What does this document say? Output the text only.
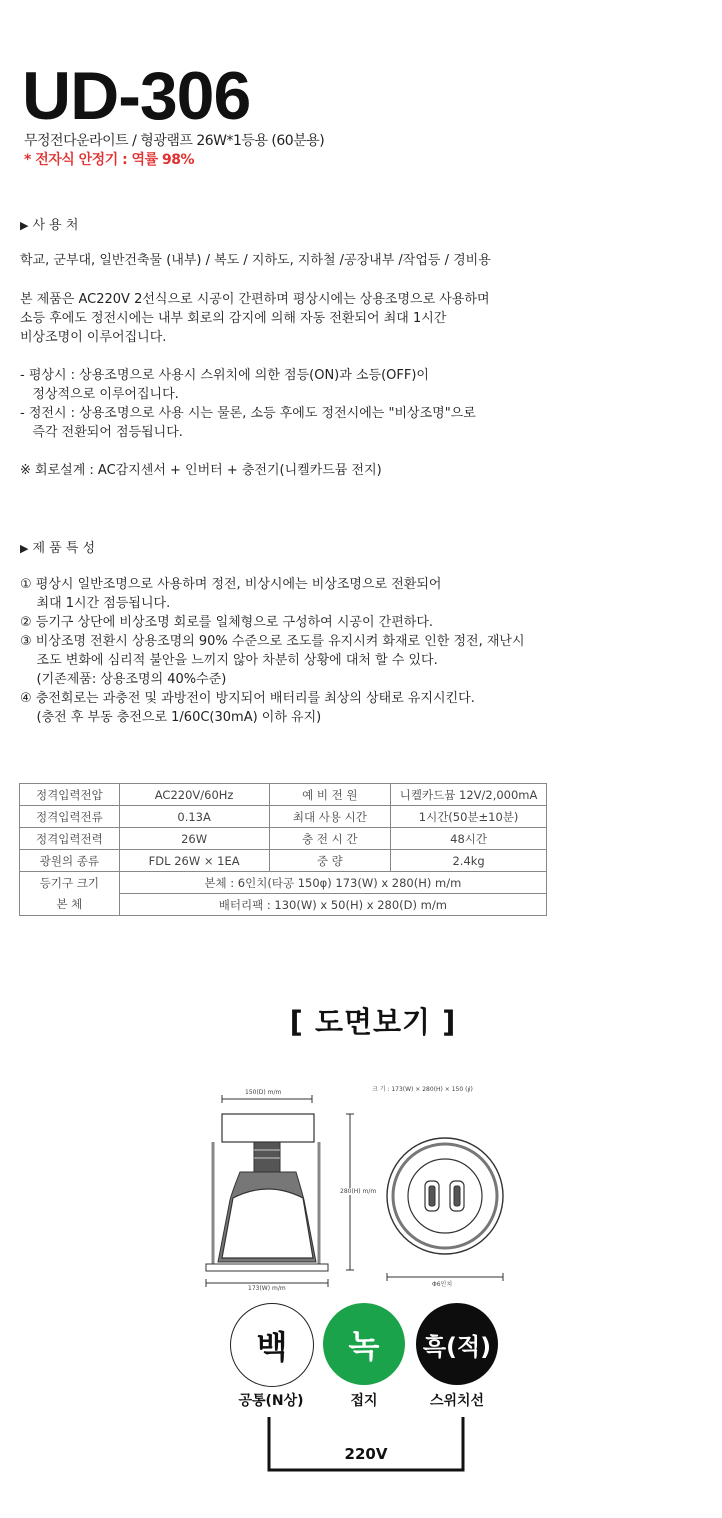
UD-306
무정전다운라이트 / 형광램프 26W*1등용 (60분용)
* 전자식 안정기 : 역률 98%
▶ 사 용 처
학교, 군부대, 일반건축물 (내부) / 복도 / 지하도, 지하철 /공장내부 /작업등 / 경비용
본 제품은 AC220V 2선식으로 시공이 간편하며 평상시에는 상용조명으로 사용하며
소등 후에도 정전시에는 내부 회로의 감지에 의해 자동 전환되어 최대 1시간
비상조명이 이루어집니다.
- 평상시 : 상용조명으로 사용시 스위치에 의한 점등(ON)과 소등(OFF)이
정상적으로 이루어집니다.
- 정전시 : 상용조명으로 사용 시는 물론, 소등 후에도 정전시에는 "비상조명"으로
즉각 전환되어 점등됩니다.
※ 회로설계 : AC감지센서 + 인버터 + 충전기(니켈카드뮴 전지)
▶ 제 품 특 성
① 평상시 일반조명으로 사용하며 정전, 비상시에는 비상조명으로 전환되어
최대 1시간 점등됩니다.
② 등기구 상단에 비상조명 회로를 일체형으로 구성하여 시공이 간편하다.
③ 비상조명 전환시 상용조명의 90% 수준으로 조도를 유지시켜 화재로 인한 정전, 재난시
조도 변화에 심리적 불안을 느끼지 않아 차분히 상황에 대처 할 수 있다.
(기존제품: 상용조명의 40%수준)
④ 충전회로는 과충전 및 과방전이 방지되어 배터리를 최상의 상태로 유지시킨다.
(충전 후 부동 충전으로 1/60C(30mA) 이하 유지)
정격입력전압	AC220V/60Hz	예 비 전 원	니켈카드뮴 12V/2,000mA
정격입력전류	0.13A	최대 사용 시간	1시간(50분±10분)
정격입력전력	26W	충 전 시 간	48시간
광원의 종류	FDL 26W × 1EA	중 량	2.4kg
등기구 크기	본체 : 6인치(타공 150φ) 173(W) x 280(H) m/m		
본 체	배터리팩 : 130(W) x 50(H) x 280(D) m/m		
[ 도면보기 ]
150(D) m/m
280(H) m/m
173(W) m/m
크 기 : 173(W) × 280(H) × 150 (∮)
Φ6인치
백	녹	흑(적)
공통(N상)	접지	스위치선
220V
